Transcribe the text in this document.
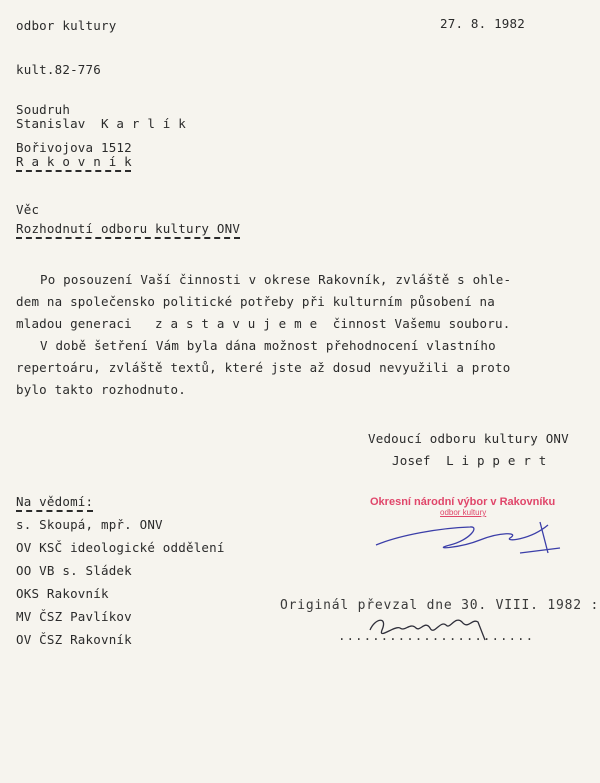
odbor kultury	27. 8. 1982
kult.82-776
Soudruh
Stanislav  K a r l í k
Bořivojova 1512
R a k o v n í k
Věc
Rozhodnutí odboru kultury ONV
Po posouzení Vaší činnosti v okrese Rakovník, zvláště s ohle-
dem na společensko politické potřeby při kulturním působení na
mladou generaci   z a s t a v u j e m e  činnost Vašemu souboru.
V době šetření Vám byla dána možnost přehodnocení vlastního
repertoáru, zvláště textů, které jste až dosud nevyužili a proto
bylo takto rozhodnuto.
Vedoucí odboru kultury ONV
Josef  L i p p e r t
Okresní národní výbor v Rakovníku
odbor kultury
Na vědomí:
s. Skoupá, mpř. ONV
OV KSČ ideologické oddělení
OO VB s. Sládek
OKS Rakovník
MV ČSZ Pavlíkov
OV ČSZ Rakovník
Originál převzal dne 30. VIII. 1982 :
.......................
